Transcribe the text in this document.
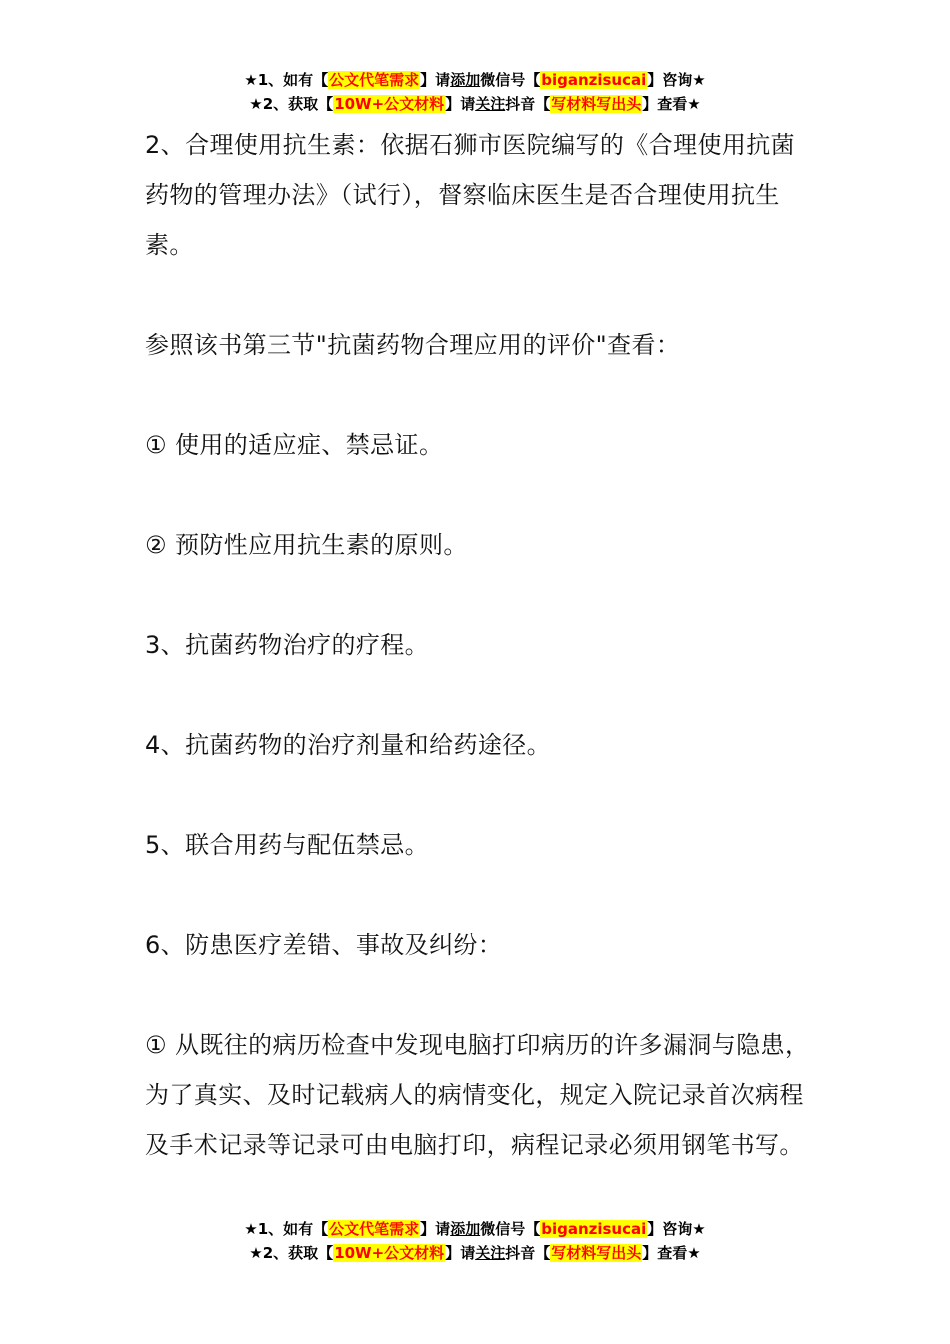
★1、如有【公文代笔需求】请添加微信号【biganzisucai】咨询★
★2、获取【10W+公文材料】请关注抖音【写材料写出头】查看★

2、合理使用抗生素：依据石狮市医院编写的《合理使用抗菌药物的管理办法》（试行），督察临床医生是否合理使用抗生素。

参照该书第三节"抗菌药物合理应用的评价"查看：

① 使用的适应症、禁忌证。

② 预防性应用抗生素的原则。

3、抗菌药物治疗的疗程。

4、抗菌药物的治疗剂量和给药途径。

5、联合用药与配伍禁忌。

6、防患医疗差错、事故及纠纷：

① 从既往的病历检查中发现电脑打印病历的许多漏洞与隐患，为了真实、及时记载病人的病情变化，规定入院记录首次病程及手术记录等记录可由电脑打印，病程记录必须用钢笔书写。

★1、如有【公文代笔需求】请添加微信号【biganzisucai】咨询★
★2、获取【10W+公文材料】请关注抖音【写材料写出头】查看★
